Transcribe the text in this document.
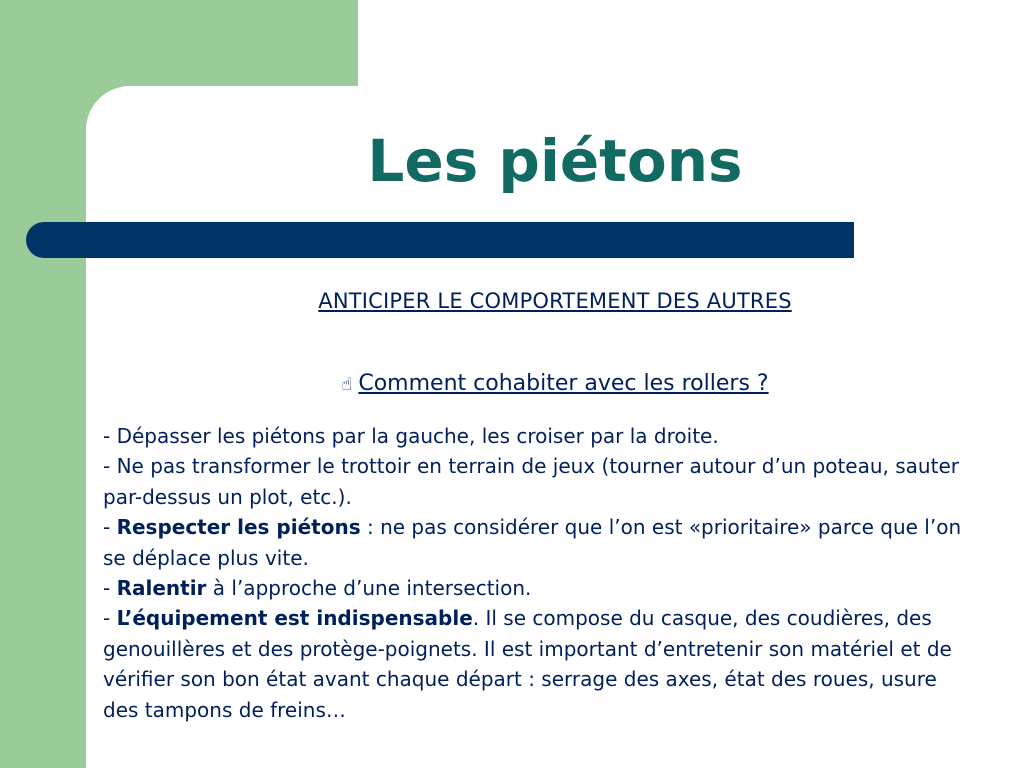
Les piétons
ANTICIPER LE COMPORTEMENT DES AUTRES
☝ Comment cohabiter avec les rollers ?

- Dépasser les piétons par la gauche, les croiser par la droite.

- Ne pas transformer le trottoir en terrain de jeux (tourner autour d’un poteau, sauter par-dessus un plot, etc.).

- Respecter les piétons : ne pas considérer que l’on est «prioritaire» parce que l’on se déplace plus vite.

- Ralentir à l’approche d’une intersection.

- L’équipement est indispensable. Il se compose du casque, des coudières, des genouillères et des protège-poignets. Il est important d’entretenir son matériel et de vérifier son bon état avant chaque départ : serrage des axes, état des roues, usure des tampons de freins…
